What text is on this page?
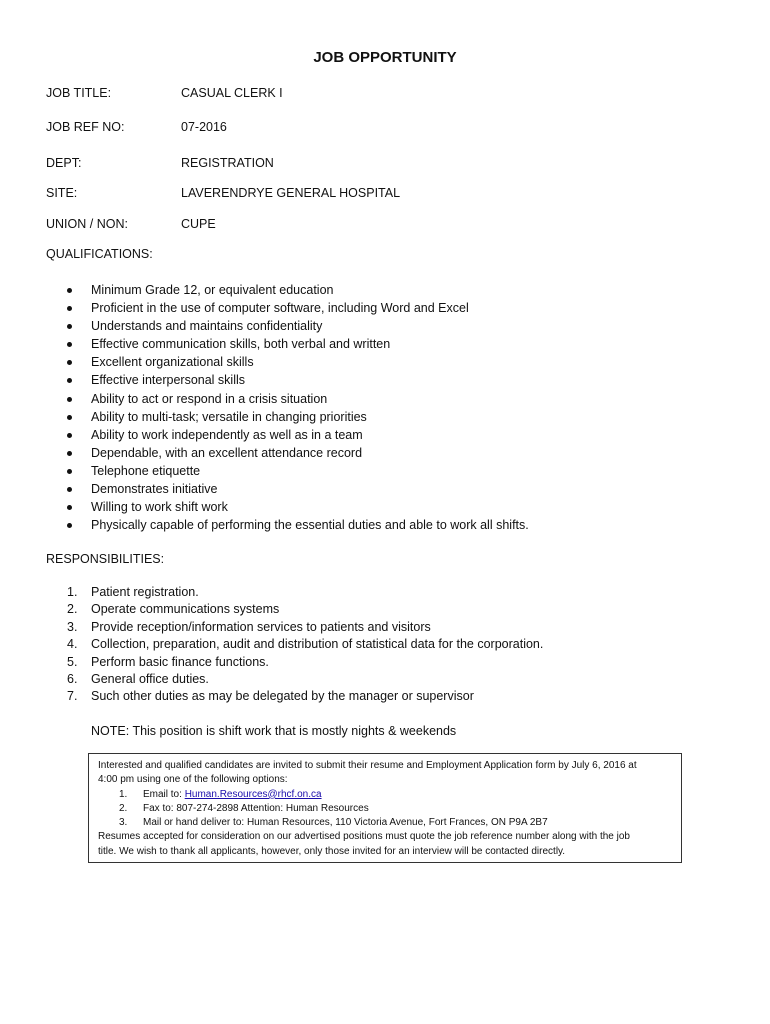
JOB OPPORTUNITY
JOB TITLE:	CASUAL CLERK I
JOB REF NO:	07-2016
DEPT:	REGISTRATION
SITE:	LAVERENDRYE GENERAL HOSPITAL
UNION / NON:	CUPE
QUALIFICATIONS:
Minimum Grade 12, or equivalent education
Proficient in the use of computer software, including Word and Excel
Understands and maintains confidentiality
Effective communication skills, both verbal and written
Excellent organizational skills
Effective interpersonal skills
Ability to act or respond in a crisis situation
Ability to multi-task; versatile in changing priorities
Ability to work independently as well as in a team
Dependable, with an excellent attendance record
Telephone etiquette
Demonstrates initiative
Willing to work shift work
Physically capable of performing the essential duties and able to work all shifts.
RESPONSIBILITIES:
1. Patient registration.
2. Operate communications systems
3. Provide reception/information services to patients and visitors
4. Collection, preparation, audit and distribution of statistical data for the corporation.
5. Perform basic finance functions.
6. General office duties.
7. Such other duties as may be delegated by the manager or supervisor
NOTE: This position is shift work that is mostly nights & weekends

Interested and qualified candidates are invited to submit their resume and Employment Application form by July 6, 2016 at

4:00 pm using one of the following options:

1. Email to: Human.Resources@rhcf.on.ca
2. Fax to: 807-274-2898 Attention: Human Resources
3. Mail or hand deliver to: Human Resources, 110 Victoria Avenue, Fort Frances, ON P9A 2B7

Resumes accepted for consideration on our advertised positions must quote the job reference number along with the job

title. We wish to thank all applicants, however, only those invited for an interview will be contacted directly.
